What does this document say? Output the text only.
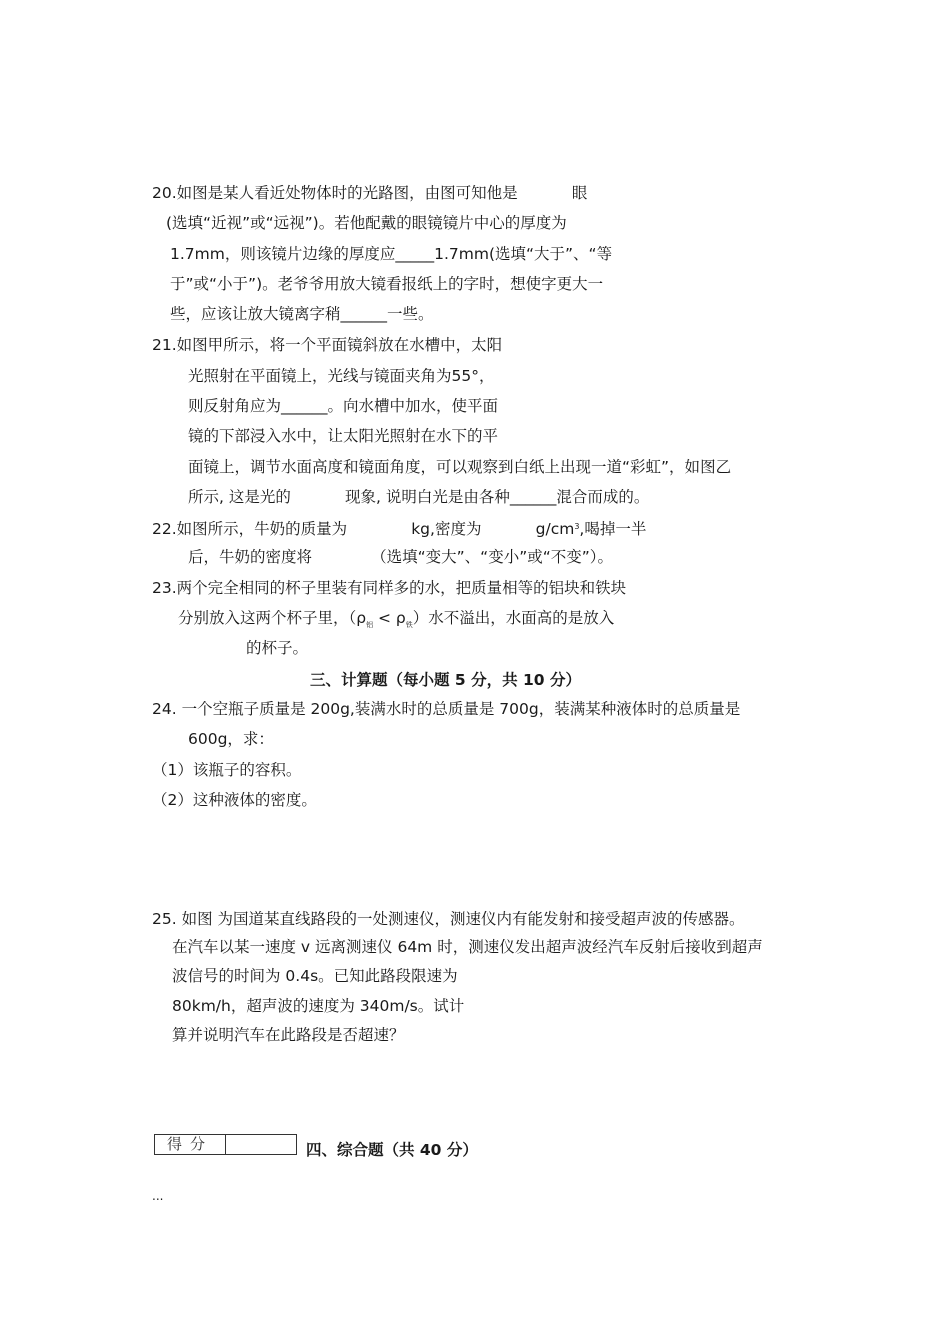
20.如图是某人看近处物体时的光路图，由图可知他是           眼
(选填“近视”或“远视”)。若他配戴的眼镜镜片中心的厚度为
1.7mm，则该镜片边缘的厚度应_____1.7mm(选填“大于”、“等
于”或“小于”)。老爷爷用放大镜看报纸上的字时，想使字更大一
些，应该让放大镜离字稍______一些。
21.如图甲所示，将一个平面镜斜放在水槽中，太阳
光照射在平面镜上，光线与镜面夹角为55°，
则反射角应为______。向水槽中加水，使平面
镜的下部浸入水中，让太阳光照射在水下的平
面镜上，调节水面高度和镜面角度，可以观察到白纸上出现一道“彩虹”，如图乙
所示, 这是光的           现象, 说明白光是由各种______混合而成的。
22.如图所示，牛奶的质量为             kg,密度为           $g/cm^3$,喝掉一半
后，牛奶的密度将            （选填“变大”、“变小”或“不变”）。
23.两个完全相同的杯子里装有同样多的水，把质量相等的铝块和铁块
分别放入这两个杯子里，$(\rho_铝 < \rho_铁)$水不溢出，水面高的是放入
的杯子。
三、计算题（每小题 5 分，共 10 分）
24. 一个空瓶子质量是 200g,装满水时的总质量是 700g，装满某种液体时的总质量是
600g，求：
（1）该瓶子的容积。
（2）这种液体的密度。
25. 如图 为国道某直线路段的一处测速仪，测速仪内有能发射和接受超声波的传感器。
在汽车以某一速度 v 远离测速仪 64m 时，测速仪发出超声波经汽车反射后接收到超声
波信号的时间为 0.4s。已知此路段限速为
80km/h，超声波的速度为 340m/s。试计
算并说明汽车在此路段是否超速？
得分	四、综合题（共 40 分）
...
